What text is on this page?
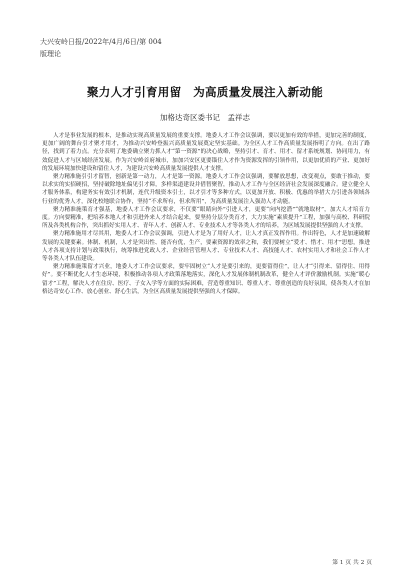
大兴安岭日报/2022年/4月/6日/第 004
版理论
聚力人才引育用留　为高质量发展注入新动能
加格达奇区委书记　孟祥志

人才是事业发展的根本，是推动实现高质量发展的重要支撑。地委人才工作会议强调，要以更加有效的举措，更加完善的制度，更加广阔的舞台引才聚才用才，为推动兴安岭登振兴高质量发展奠定坚实基础。为全区人才工作高质量发展指明了方向。在出了路径，找到了着力点。充分表明了地委确立聚力抓人才“第一资源”的决心战略，坚持引才、育才、用才、留才系统规划、协同用力，有效促进人才与区域经济发展。作为兴安岭首府城市，加加兴安区更要锚住人才作为资源发挥的引领作用，以更加优质的产业、更加好的发展环境加快建设和留住人才，为建设兴安岭高质量发展提供人才支撑。

聚力精准施引引才留智，创新是第一动力，人才是第一资源。地委人才工作会议强调，要解放思想，改变观点，要敢于推动，要以求实的实招硬招，坚持破除地址偏见引才障，多样渠道建设并借智聚智，推动人才工作与全区经济社会发展深度融合。建立健全人才服务体系，构建务实有效引才机制，连代升级资本引士，以才引才等多种方式，以更加开放、积极、优惠的举措大力引进各领域各行业的优秀人才，深化校地联合协作，坚持“不求所有，但求所用”，为高质量发展注入强劲人才动能。

聚力精准施策育才强基，地委人才工作会议要求，不仅要“眼睛向外”引进人才，更要“向内挖潜”“就地取材”，加大人才培育力度。方向要精准，把培养本地人才和引进外来人才结合起来，要坚持分层分类育才，大力实施“素质提升”工程，加强与高校、科研院所及各类机构合作，突出抓好实用人才、青年人才、创新人才、专业技术人才等各类人才的培养，为区域发展提供坚强的人才支撑。

聚力精准施用才尽其用，地委人才工作会议强调，引进人才是为了用好人才，让人才真正发挥作用。作出特色，人才是加速破解发展的关键要素。体制、机制，人才是突出性、能否有优，生产，要素资源的效率之和，我们要树立“爱才、惜才、用才”思想，推进人才各项支持计划与政策执行，统筹推进党政人才、企业经营管理人才、专业技术人才、高技能人才、农村实用人才和社会工作人才等各类人才队伍建设。

聚力精准施策留才兴业，地委人才工作会议要求，要牢固树立“人才是要引来的，更要留得住”，让人才“引得来、留得住、用得好”。要不断优化人才生态环境，积极推动各项人才政策落地落实，深化人才发展体制机制改革，健全人才评价激励机制。实施“暖心留才”工程，解决人才在住房、医疗、子女入学等方面的实际困难，营造尊重知识、尊重人才、尊重创造的良好氛围，使各类人才在加格达奇安心工作、放心创业、舒心生活，为全区高质量发展提供坚强的人才保障。

第 1 页 共 2 页
